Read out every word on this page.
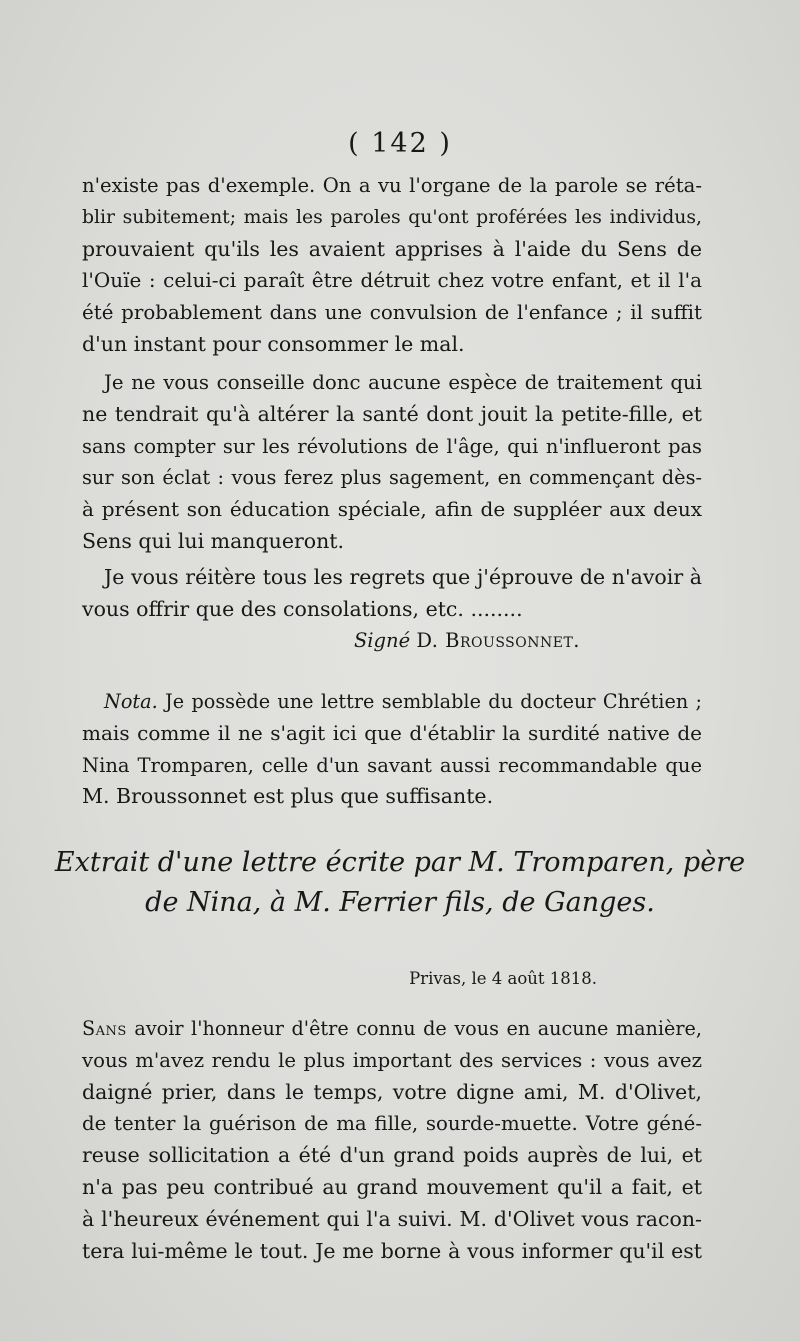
( 142 )
n'existe pas d'exemple. On a vu l'organe de la parole se réta-
blir subitement; mais les paroles qu'ont proférées les individus,
prouvaient qu'ils les avaient apprises à l'aide du Sens de
l'Ouïe : celui-ci paraît être détruit chez votre enfant, et il l'a
été probablement dans une convulsion de l'enfance ; il suffit
d'un instant pour consommer le mal.
Je ne vous conseille donc aucune espèce de traitement qui
ne tendrait qu'à altérer la santé dont jouit la petite-fille, et
sans compter sur les révolutions de l'âge, qui n'influeront pas
sur son éclat : vous ferez plus sagement, en commençant dès-
à présent son éducation spéciale, afin de suppléer aux deux
Sens qui lui manqueront.
Je vous réitère tous les regrets que j'éprouve de n'avoir à
vous offrir que des consolations, etc. ........
Signé D. Broussonnet.
Nota. Je possède une lettre semblable du docteur Chrétien ;
mais comme il ne s'agit ici que d'établir la surdité native de
Nina Tromparen, celle d'un savant aussi recommandable que
M. Broussonnet est plus que suffisante.
Extrait d'une lettre écrite par M. Tromparen, père
de Nina, à M. Ferrier fils, de Ganges.
Privas, le 4 août 1818.
Sans avoir l'honneur d'être connu de vous en aucune manière,
vous m'avez rendu le plus important des services : vous avez
daigné prier, dans le temps, votre digne ami, M. d'Olivet,
de tenter la guérison de ma fille, sourde-muette. Votre géné-
reuse sollicitation a été d'un grand poids auprès de lui, et
n'a pas peu contribué au grand mouvement qu'il a fait, et
à l'heureux événement qui l'a suivi. M. d'Olivet vous racon-
tera lui-même le tout. Je me borne à vous informer qu'il est
